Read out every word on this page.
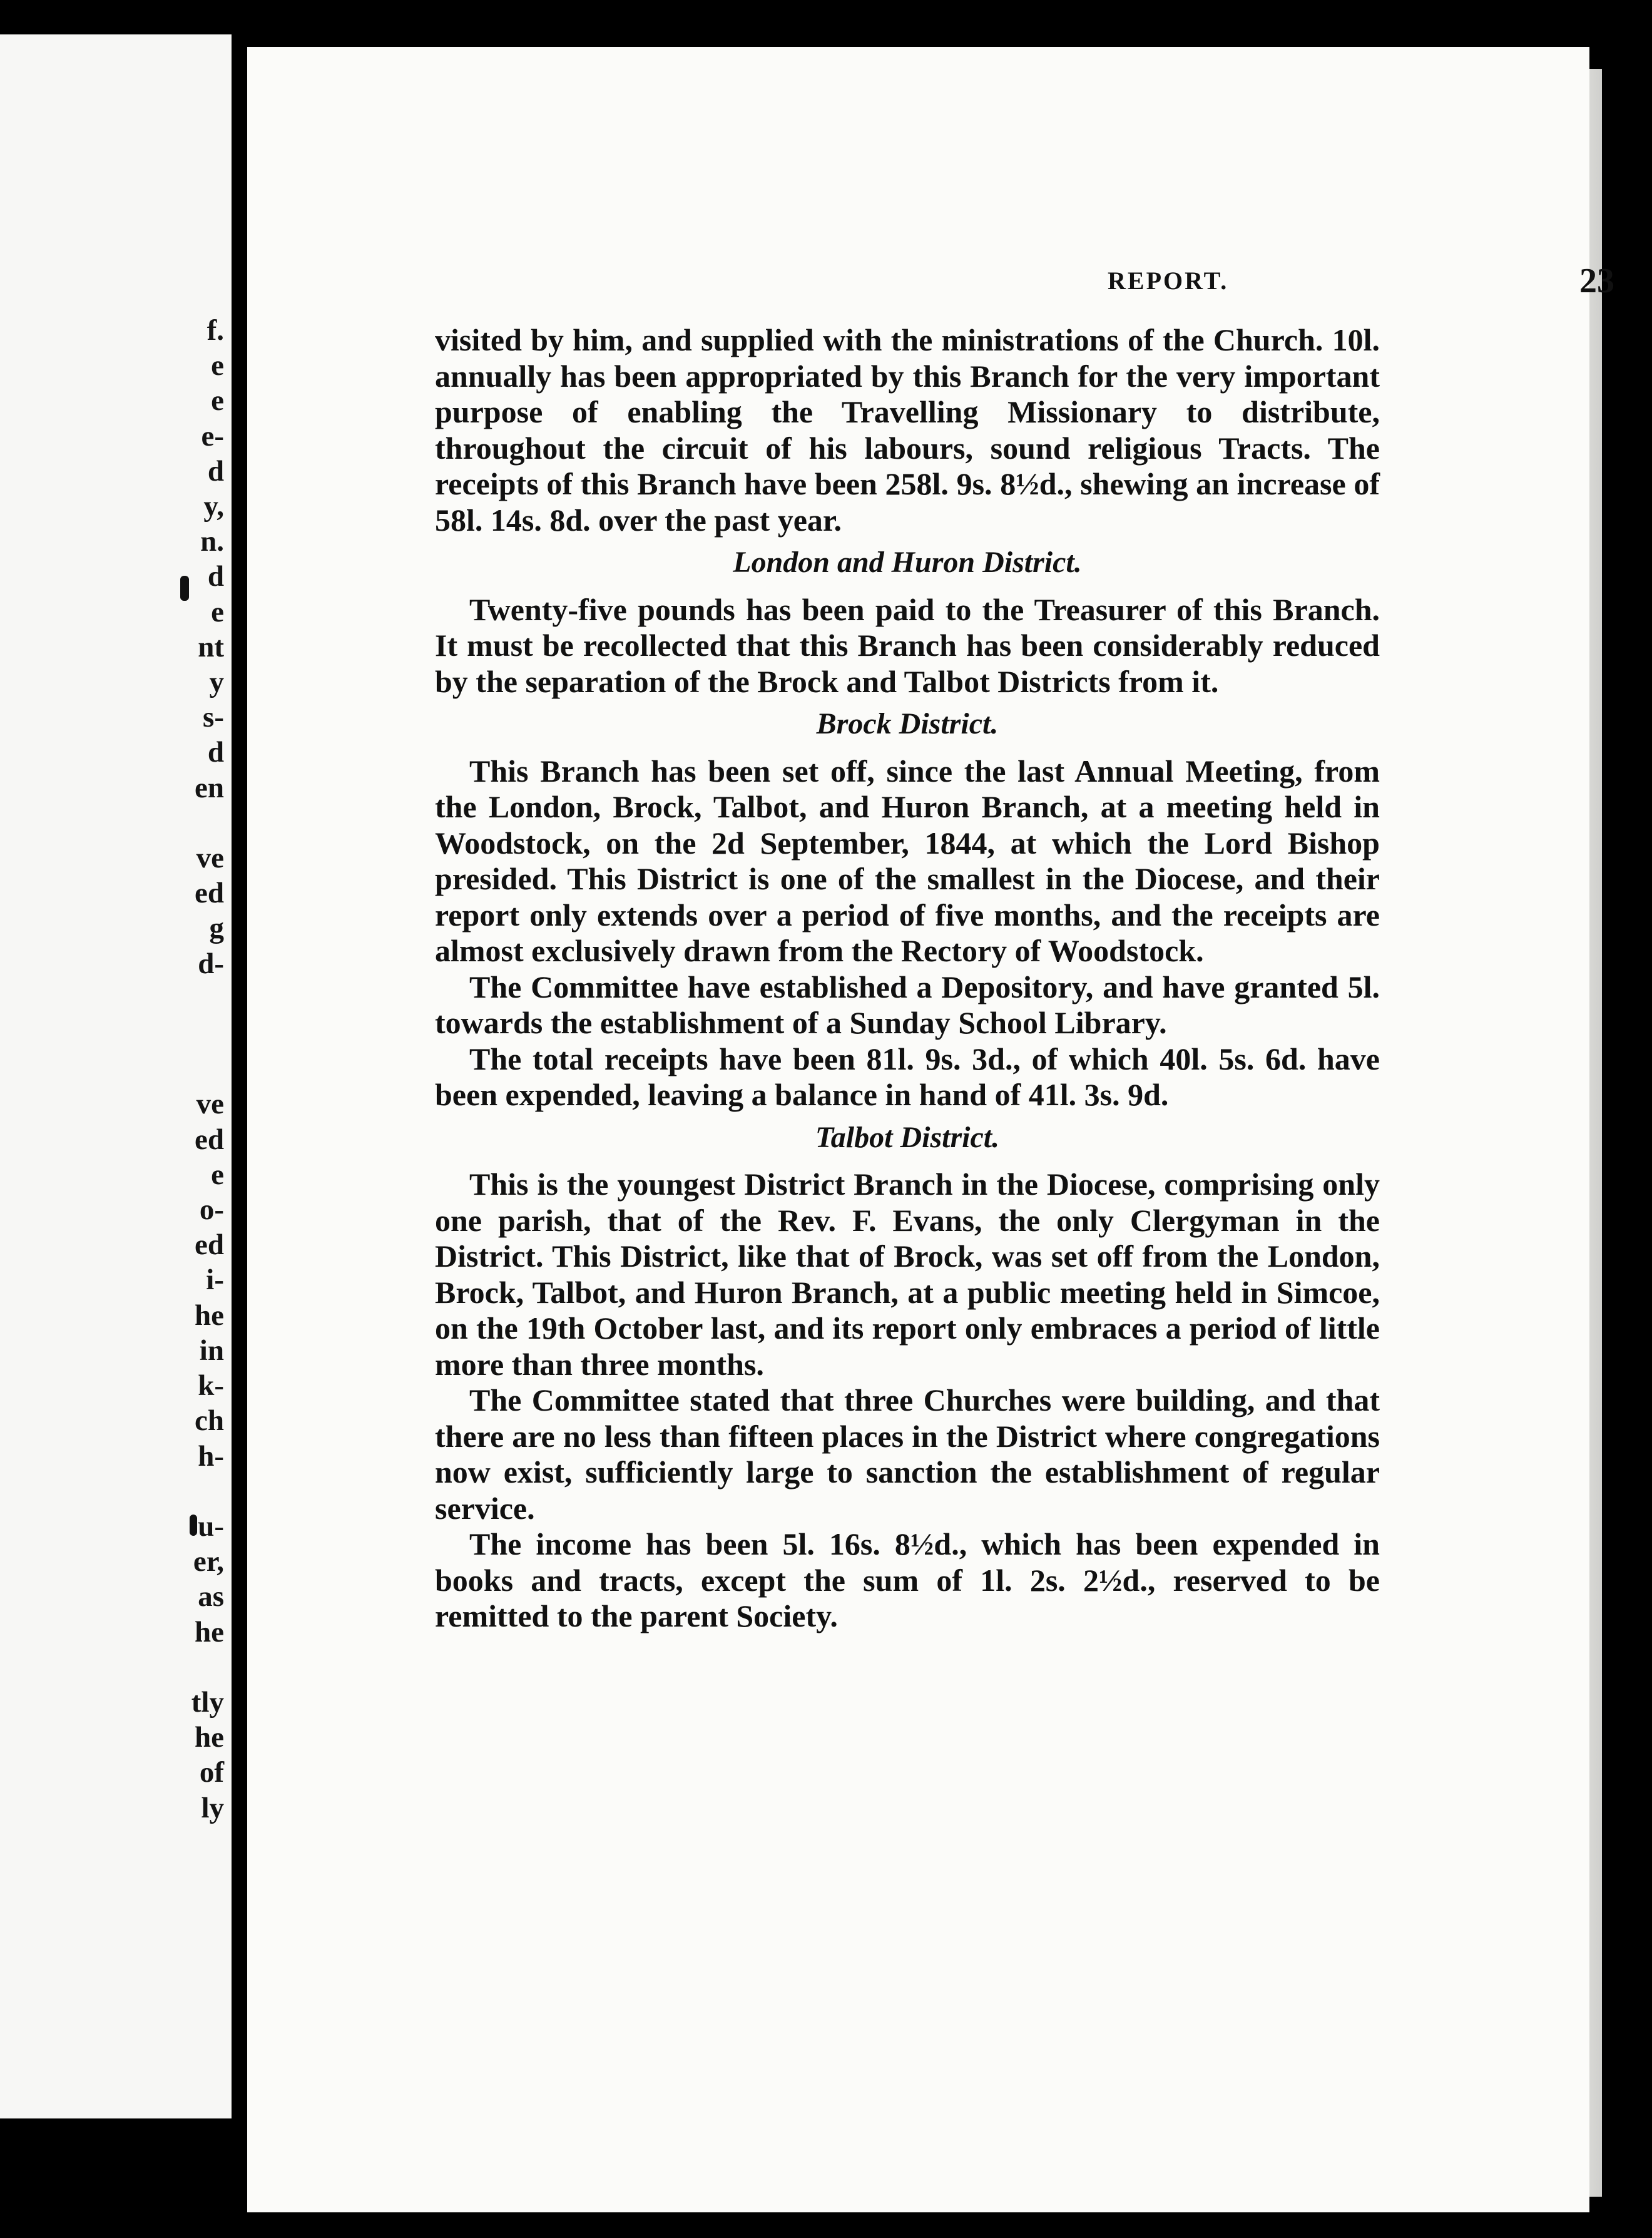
f.
e
e
e-
d
y,
n.
d
e
nt
y
s-
d
en

ve
ed
g
d-

ve
ed
e
o-
ed
i-
he
in
k-
ch
h-

u-
er,
as
he

tly
he
of
ly
REPORT.	23

visited by him, and supplied with the ministrations of the Church. 10l. annually has been appropriated by this Branch for the very important purpose of enabling the Travelling Missionary to distribute, throughout the circuit of his labours, sound religious Tracts. The receipts of this Branch have been 258l. 9s. 8½d., shewing an increase of 58l. 14s. 8d. over the past year.

London and Huron District.

Twenty-five pounds has been paid to the Treasurer of this Branch. It must be recollected that this Branch has been considerably reduced by the separation of the Brock and Talbot Districts from it.

Brock District.

This Branch has been set off, since the last Annual Meeting, from the London, Brock, Talbot, and Huron Branch, at a meeting held in Woodstock, on the 2d September, 1844, at which the Lord Bishop presided. This District is one of the smallest in the Diocese, and their report only extends over a period of five months, and the receipts are almost exclusively drawn from the Rectory of Woodstock.

The Committee have established a Depository, and have granted 5l. towards the establishment of a Sunday School Library.

The total receipts have been 81l. 9s. 3d., of which 40l. 5s. 6d. have been expended, leaving a balance in hand of 41l. 3s. 9d.

Talbot District.

This is the youngest District Branch in the Diocese, comprising only one parish, that of the Rev. F. Evans, the only Clergyman in the District. This District, like that of Brock, was set off from the London, Brock, Talbot, and Huron Branch, at a public meeting held in Simcoe, on the 19th October last, and its report only embraces a period of little more than three months.

The Committee stated that three Churches were building, and that there are no less than fifteen places in the District where congregations now exist, sufficiently large to sanction the establishment of regular service.

The income has been 5l. 16s. 8½d., which has been expended in books and tracts, except the sum of 1l. 2s. 2½d., reserved to be remitted to the parent Society.
